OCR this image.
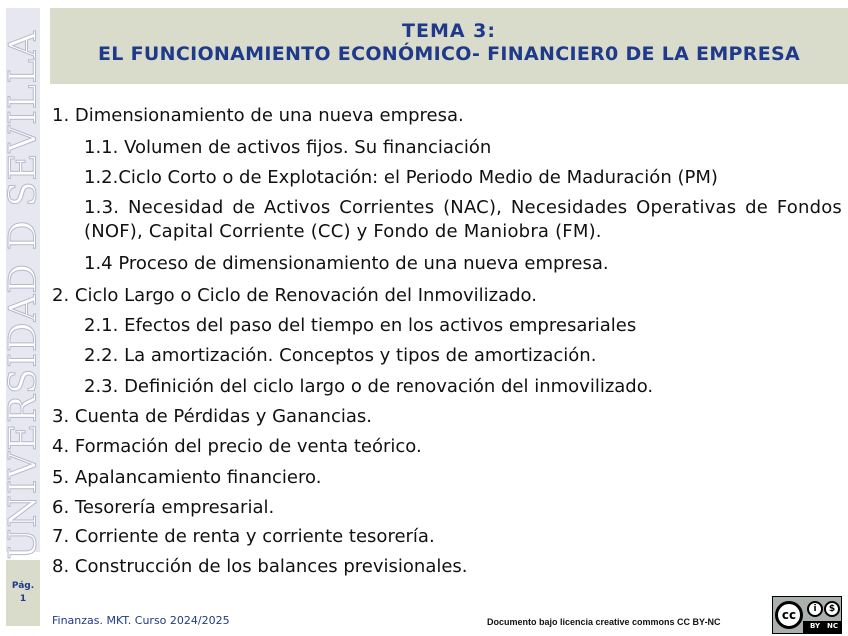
UNIVERSIDAD D SEVILLA
Pág.
1
TEMA 3:
EL FUNCIONAMIENTO ECONÓMICO- FINANCIER0 DE LA EMPRESA
1. Dimensionamiento de una nueva empresa.
1.1. Volumen de activos fijos. Su financiación
1.2.Ciclo Corto o de Explotación: el Periodo Medio de Maduración (PM)
1.3. Necesidad de Activos Corrientes (NAC), Necesidades Operativas de Fondos (NOF), Capital Corriente (CC) y Fondo de Maniobra (FM).
1.4 Proceso de dimensionamiento de una nueva empresa.
2. Ciclo Largo o Ciclo de Renovación del Inmovilizado.
2.1. Efectos del paso del tiempo en los activos empresariales
2.2. La amortización. Conceptos y tipos de amortización.
2.3. Definición del ciclo largo o de renovación del inmovilizado.
3. Cuenta de Pérdidas y Ganancias.
4. Formación del precio de venta teórico.
5. Apalancamiento financiero.
6. Tesorería empresarial.
7. Corriente de renta y corriente tesorería.
8. Construcción de los balances previsionales.
Finanzas. MKT. Curso 2024/2025	Documento bajo licencia creative commons CC BY-NC	cc	i	$
BY NC
